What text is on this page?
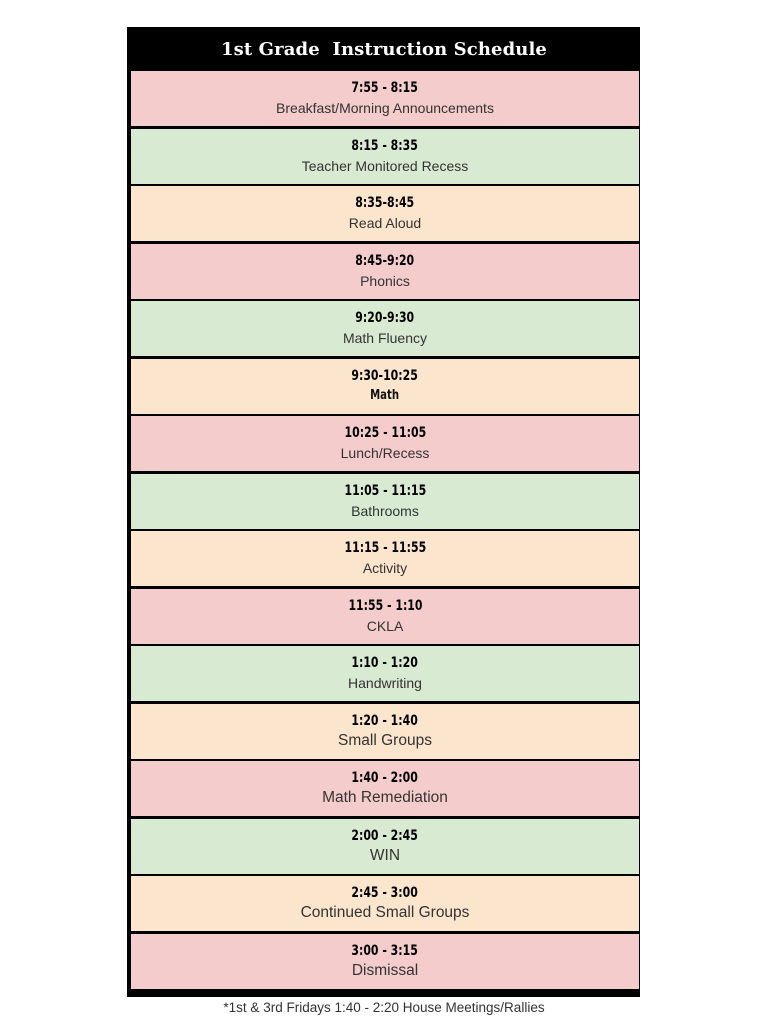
1st Grade  Instruction Schedule
7:55 - 8:15
Breakfast/Morning Announcements
8:15 - 8:35
Teacher Monitored Recess
8:35-8:45
Read Aloud
8:45-9:20
Phonics
9:20-9:30
Math Fluency
9:30-10:25
Math
10:25 - 11:05
Lunch/Recess
11:05 - 11:15
Bathrooms
11:15 - 11:55
Activity
11:55 - 1:10
CKLA
1:10 - 1:20
Handwriting
1:20 - 1:40
Small Groups
1:40 - 2:00
Math Remediation
2:00 - 2:45
WIN
2:45 - 3:00
Continued Small Groups
3:00 - 3:15
Dismissal
*1st & 3rd Fridays 1:40 - 2:20 House Meetings/Rallies
